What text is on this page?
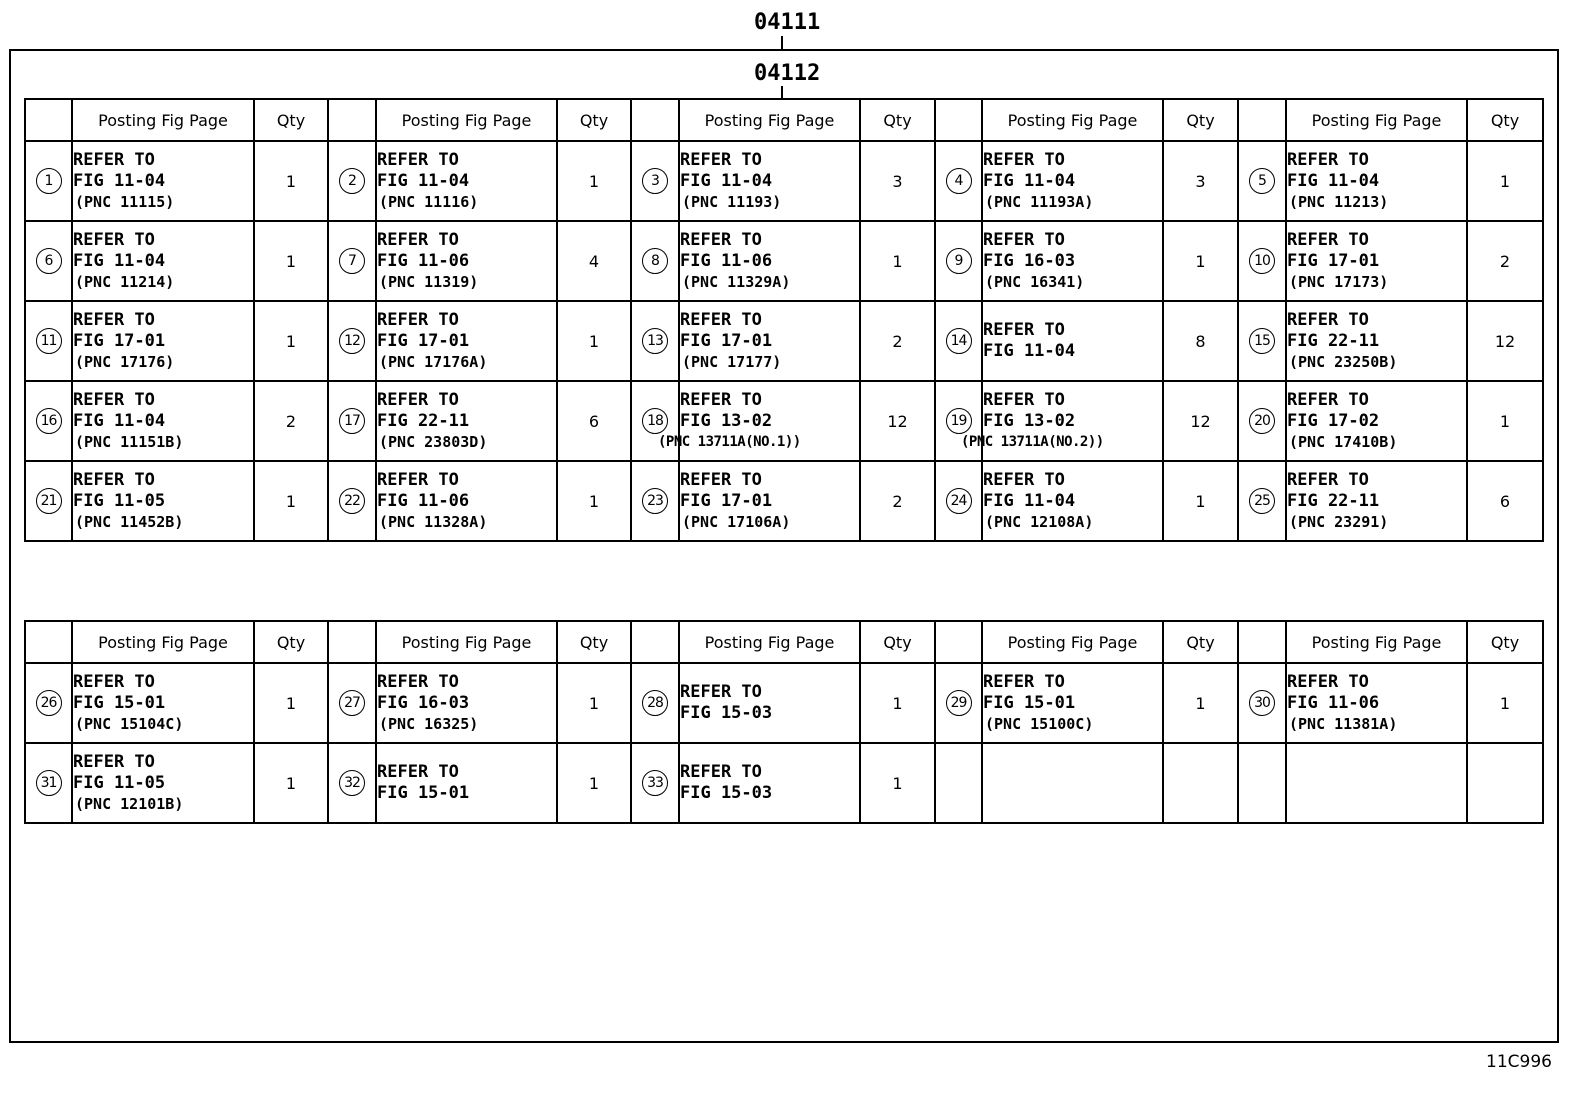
04111
04112
	Posting Fig Page	Qty		Posting Fig Page	Qty		Posting Fig Page	Qty		Posting Fig Page	Qty		Posting Fig Page	Qty
1	REFER TO
FIG 11-04
(PNC 11115)	1	2	REFER TO
FIG 11-04
(PNC 11116)	1	3	REFER TO
FIG 11-04
(PNC 11193)	3	4	REFER TO
FIG 11-04
(PNC 11193A)	3	5	REFER TO
FIG 11-04
(PNC 11213)	1
6	REFER TO
FIG 11-04
(PNC 11214)	1	7	REFER TO
FIG 11-06
(PNC 11319)	4	8	REFER TO
FIG 11-06
(PNC 11329A)	1	9	REFER TO
FIG 16-03
(PNC 16341)	1	10	REFER TO
FIG 17-01
(PNC 17173)	2
11	REFER TO
FIG 17-01
(PNC 17176)	1	12	REFER TO
FIG 17-01
(PNC 17176A)	1	13	REFER TO
FIG 17-01
(PNC 17177)	2	14	REFER TO
FIG 11-04	8	15	REFER TO
FIG 22-11
(PNC 23250B)	12
16	REFER TO
FIG 11-04
(PNC 11151B)	2	17	REFER TO
FIG 22-11
(PNC 23803D)	6	18	REFER TO
FIG 13-02
(PNC 13711A(NO.1))	12	19	REFER TO
FIG 13-02
(PNC 13711A(NO.2))	12	20	REFER TO
FIG 17-02
(PNC 17410B)	1
21	REFER TO
FIG 11-05
(PNC 11452B)	1	22	REFER TO
FIG 11-06
(PNC 11328A)	1	23	REFER TO
FIG 17-01
(PNC 17106A)	2	24	REFER TO
FIG 11-04
(PNC 12108A)	1	25	REFER TO
FIG 22-11
(PNC 23291)	6
	Posting Fig Page	Qty		Posting Fig Page	Qty		Posting Fig Page	Qty		Posting Fig Page	Qty		Posting Fig Page	Qty
26	REFER TO
FIG 15-01
(PNC 15104C)	1	27	REFER TO
FIG 16-03
(PNC 16325)	1	28	REFER TO
FIG 15-03	1	29	REFER TO
FIG 15-01
(PNC 15100C)	1	30	REFER TO
FIG 11-06
(PNC 11381A)	1
31	REFER TO
FIG 11-05
(PNC 12101B)	1	32	REFER TO
FIG 15-01	1	33	REFER TO
FIG 15-03	1						
11C996
